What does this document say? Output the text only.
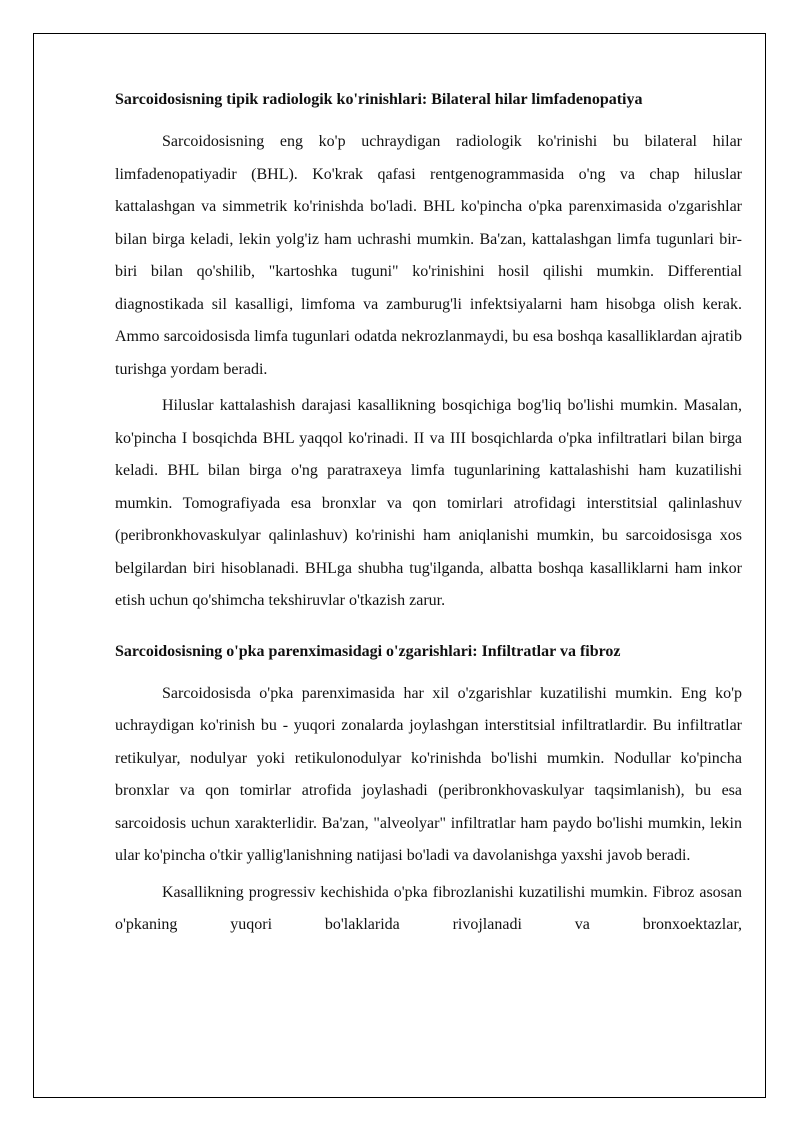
Sarcoidosisning tipik radiologik ko'rinishlari: Bilateral hilar limfadenopatiya

Sarcoidosisning eng ko'p uchraydigan radiologik ko'rinishi bu bilateral hilar limfadenopatiyadir (BHL). Ko'krak qafasi rentgenogrammasida o'ng va chap hiluslar kattalashgan va simmetrik ko'rinishda bo'ladi. BHL ko'pincha o'pka parenximasida o'zgarishlar bilan birga keladi, lekin yolg'iz ham uchrashi mumkin. Ba'zan, kattalashgan limfa tugunlari bir-biri bilan qo'shilib, "kartoshka tuguni" ko'rinishini hosil qilishi mumkin. Differential diagnostikada sil kasalligi, limfoma va zamburug'li infektsiyalarni ham hisobga olish kerak. Ammo sarcoidosisda limfa tugunlari odatda nekrozlanmaydi, bu esa boshqa kasalliklardan ajratib turishga yordam beradi.

Hiluslar kattalashish darajasi kasallikning bosqichiga bog'liq bo'lishi mumkin. Masalan, ko'pincha I bosqichda BHL yaqqol ko'rinadi. II va III bosqichlarda o'pka infiltratlari bilan birga keladi. BHL bilan birga o'ng paratraxeya limfa tugunlarining kattalashishi ham kuzatilishi mumkin. Tomografiyada esa bronxlar va qon tomirlari atrofidagi interstitsial qalinlashuv (peribronkhovaskulyar qalinlashuv) ko'rinishi ham aniqlanishi mumkin, bu sarcoidosisga xos belgilardan biri hisoblanadi. BHLga shubha tug'ilganda, albatta boshqa kasalliklarni ham inkor etish uchun qo'shimcha tekshiruvlar o'tkazish zarur.

Sarcoidosisning o'pka parenximasidagi o'zgarishlari: Infiltratlar va fibroz

Sarcoidosisda o'pka parenximasida har xil o'zgarishlar kuzatilishi mumkin. Eng ko'p uchraydigan ko'rinish bu - yuqori zonalarda joylashgan interstitsial infiltratlardir. Bu infiltratlar retikulyar, nodulyar yoki retikulonodulyar ko'rinishda bo'lishi mumkin. Nodullar ko'pincha bronxlar va qon tomirlar atrofida joylashadi (peribronkhovaskulyar taqsimlanish), bu esa sarcoidosis uchun xarakterlidir. Ba'zan, "alveolyar" infiltratlar ham paydo bo'lishi mumkin, lekin ular ko'pincha o'tkir yallig'lanishning natijasi bo'ladi va davolanishga yaxshi javob beradi.

Kasallikning progressiv kechishida o'pka fibrozlanishi kuzatilishi mumkin. Fibroz asosan o'pkaning yuqori bo'laklarida rivojlanadi va bronxoektazlar,
